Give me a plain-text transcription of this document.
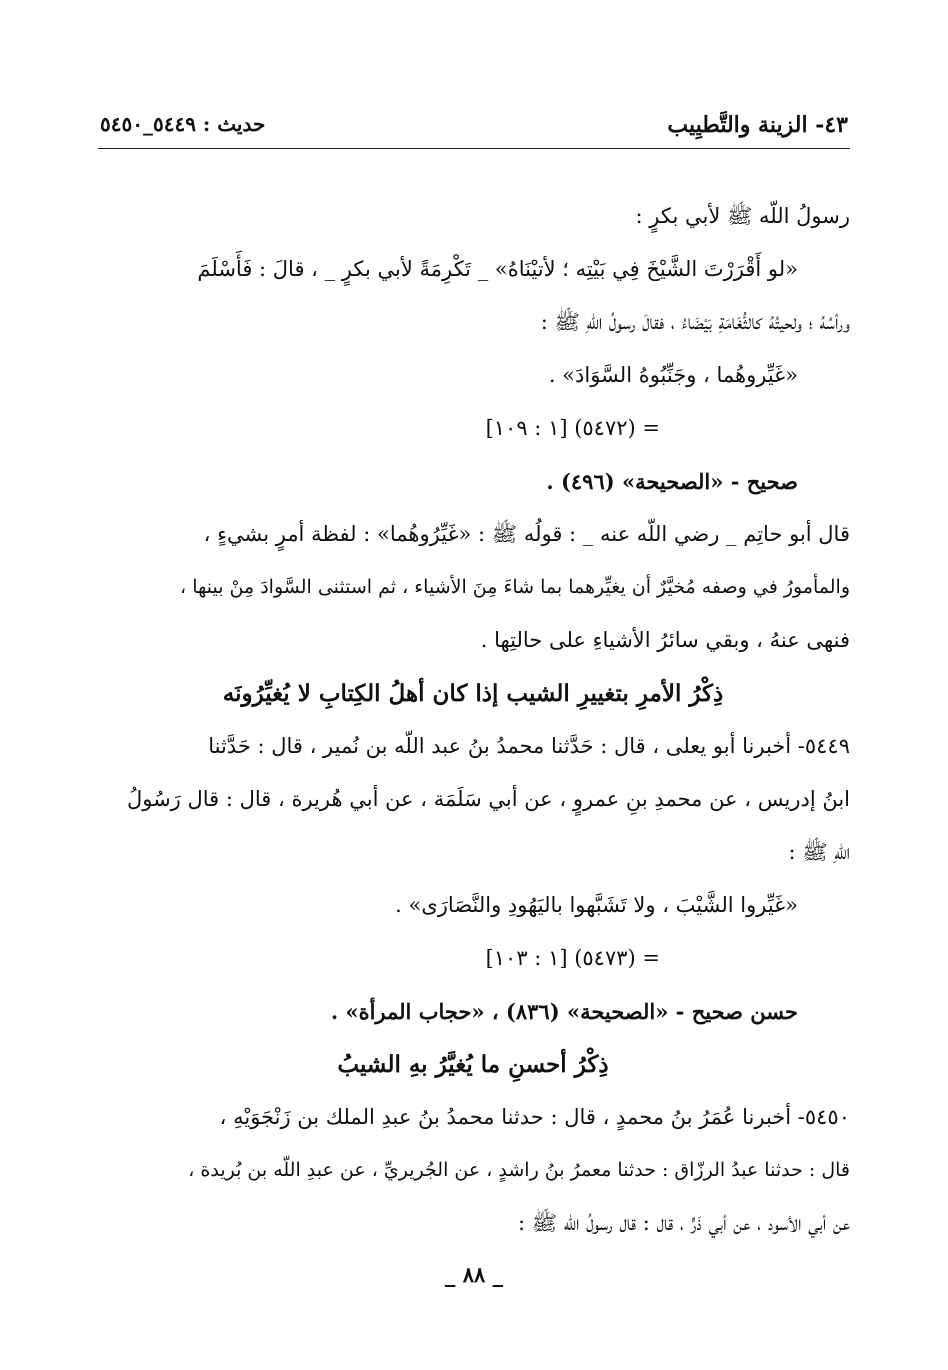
٤٣- الزينة والتَّطيِيب
حديث : ٥٤٤٩_٥٤٥٠
رسولُ اللّه ﷺ لأبي بكرٍ :
«لو أَقْرَرْتَ الشَّيْخَ فِي بَيْتِه ؛ لأتيْنَاهُ» _ تَكْرِمَةً لأبي بكرٍ _ ، قالَ : فَأَسْلَمَ
ورأسُهُ ؛ ولحيتُهُ كالثُّغَامَةِ بَيْضَاءُ ، فقالَ رسولُ اللّهِ ﷺ :
«غَيِّروهُما ، وجَنِّبُوهُ السَّوَادَ» .
= (٥٤٧٢) [١ : ١٠٩]
صحيح - «الصحيحة» (٤٩٦) .
قال أبو حاتِم _ رضي اللّه عنه _ : قولُه ﷺ : «غَيِّرُوهُما» : لفظة أمرٍ بشيءٍ ،
والمأمورُ في وصفه مُخيَّرٌ أن يغيِّرهما بما شاءَ مِنَ الأشياء ، ثم استثنى السَّوادَ مِنْ بينها ،
فنهى عنهُ ، وبقي سائرُ الأشياءِ على حالتِها .
ذِكْرُ الأمرِ بتغييرِ الشيب إذا كان أهلُ الكِتابِ لا يُغيِّرُونَه
٥٤٤٩- أخبرنا أبو يعلى ، قال : حَدَّثنا محمدُ بنُ عبد اللّه بن نُمير ، قال : حَدَّثنا
ابنُ إدريس ، عن محمدِ بنِ عمروٍ ، عن أبي سَلَمَة ، عن أبي هُريرة ، قال : قال رَسُولُ
اللّهِ ﷺ :
«غَيِّروا الشَّيْبَ ، ولا تَشَبَّهوا باليَهُودِ والنَّصَارَى» .
= (٥٤٧٣) [١ : ١٠٣]
حسن صحيح - «الصحيحة» (٨٣٦) ، «حجاب المرأة» .
ذِكْرُ أحسنِ ما يُغيَّرُ بهِ الشيبُ
٥٤٥٠- أخبرنا عُمَرُ بنُ محمدٍ ، قال : حدثنا محمدُ بنُ عبدِ الملك بن زَنْجَوَيْهِ ،
قال : حدثنا عبدُ الرزّاق : حدثنا معمرُ بنُ راشدٍ ، عن الجُريريِّ ، عن عبدِ اللّه بن بُريدة ،
عن أبي الأسود ، عن أبي ذَرٍّ ، قال : قال رسولُ اللّه ﷺ :
_ ٨٨ _
